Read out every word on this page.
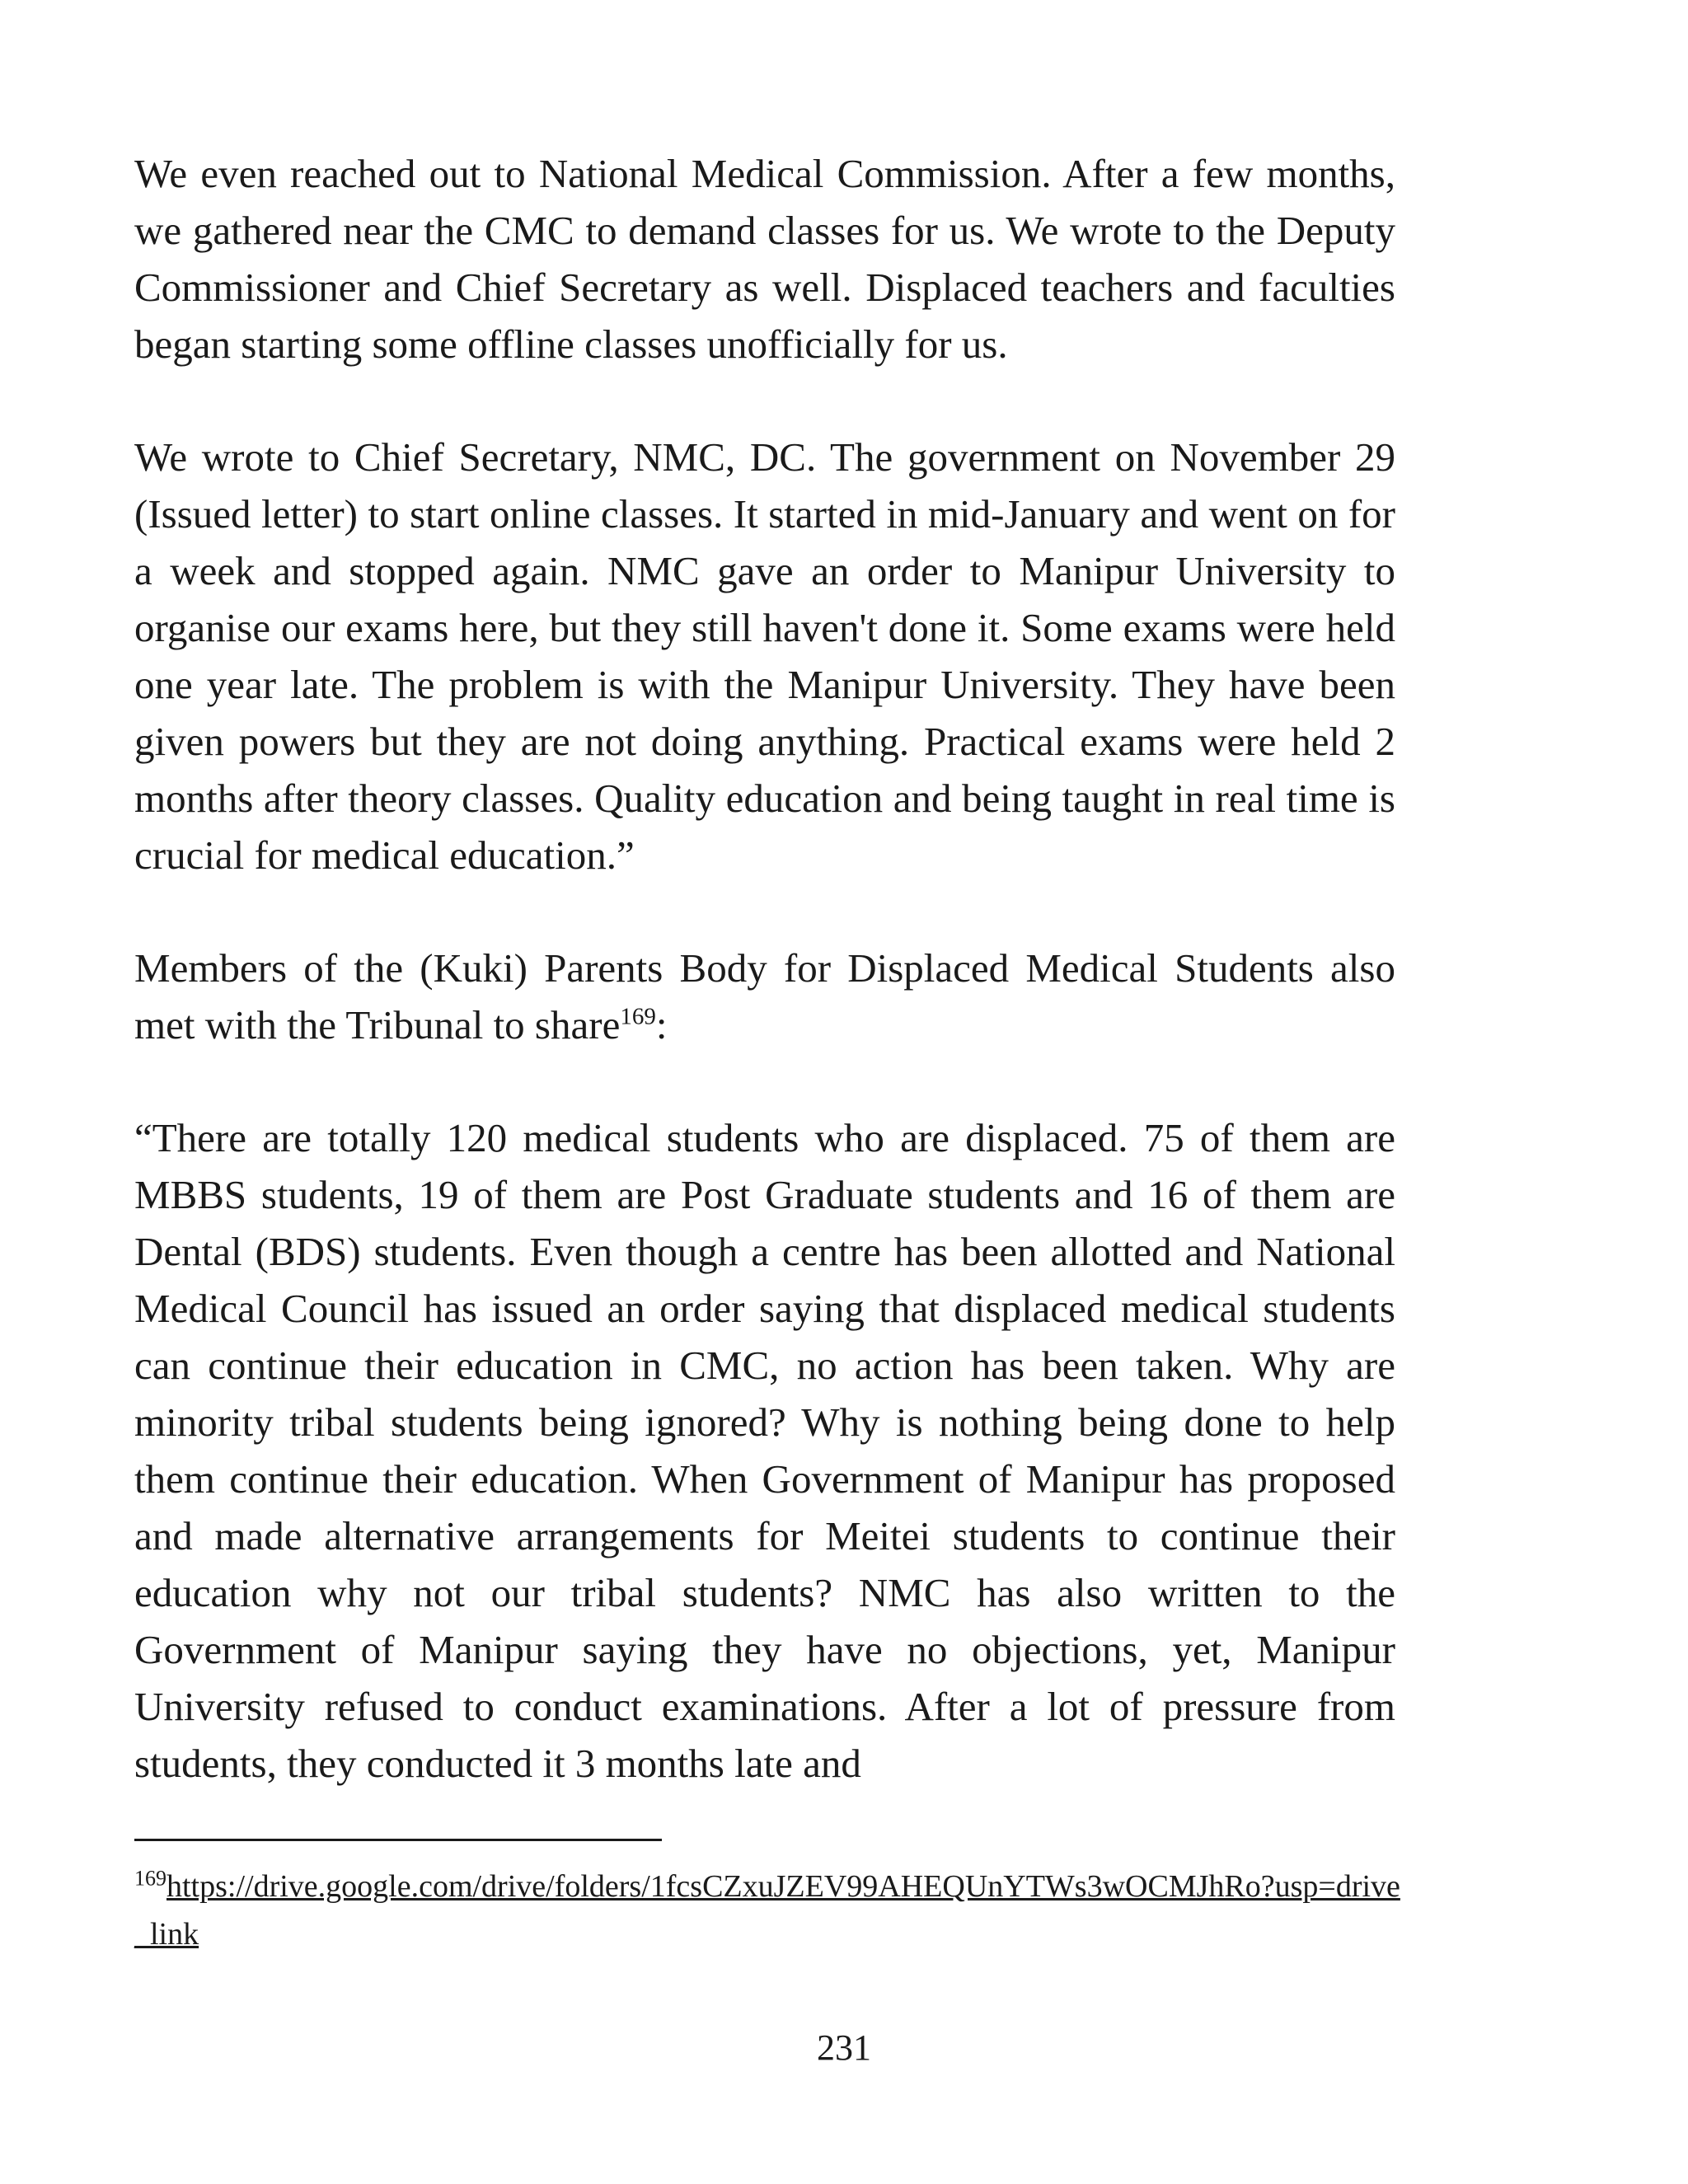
We even reached out to National Medical Commission. After a few months, we gathered near the CMC to demand classes for us. We wrote to the Deputy Commissioner and Chief Secretary as well. Displaced teachers and faculties began starting some offline classes unofficially for us.

We wrote to Chief Secretary, NMC, DC. The government on November 29 (Issued letter) to start online classes. It started in mid-January and went on for a week and stopped again. NMC gave an order to Manipur University to organise our exams here, but they still haven't done it. Some exams were held one year late. The problem is with the Manipur University. They have been given powers but they are not doing anything. Practical exams were held 2 months after theory classes. Quality education and being taught in real time is crucial for medical education.”

Members of the (Kuki) Parents Body for Displaced Medical Students also met with the Tribunal to share$^{169}$:

“There are totally 120 medical students who are displaced. 75 of them are MBBS students, 19 of them are Post Graduate students and 16 of them are Dental (BDS) students. Even though a centre has been allotted and National Medical Council has issued an order saying that displaced medical students can continue their education in CMC, no action has been taken. Why are minority tribal students being ignored? Why is nothing being done to help them continue their education. When Government of Manipur has proposed and made alternative arrangements for Meitei students to continue their education why not our tribal students? NMC has also written to the Government of Manipur saying they have no objections, yet, Manipur University refused to conduct examinations. After a lot of pressure from students, they conducted it 3 months late and

$^{169}$https://drive.google.com/drive/folders/1fcsCZxuJZEV99AHEQUnYTWs3wOCMJhRo?usp=drive_link
231
